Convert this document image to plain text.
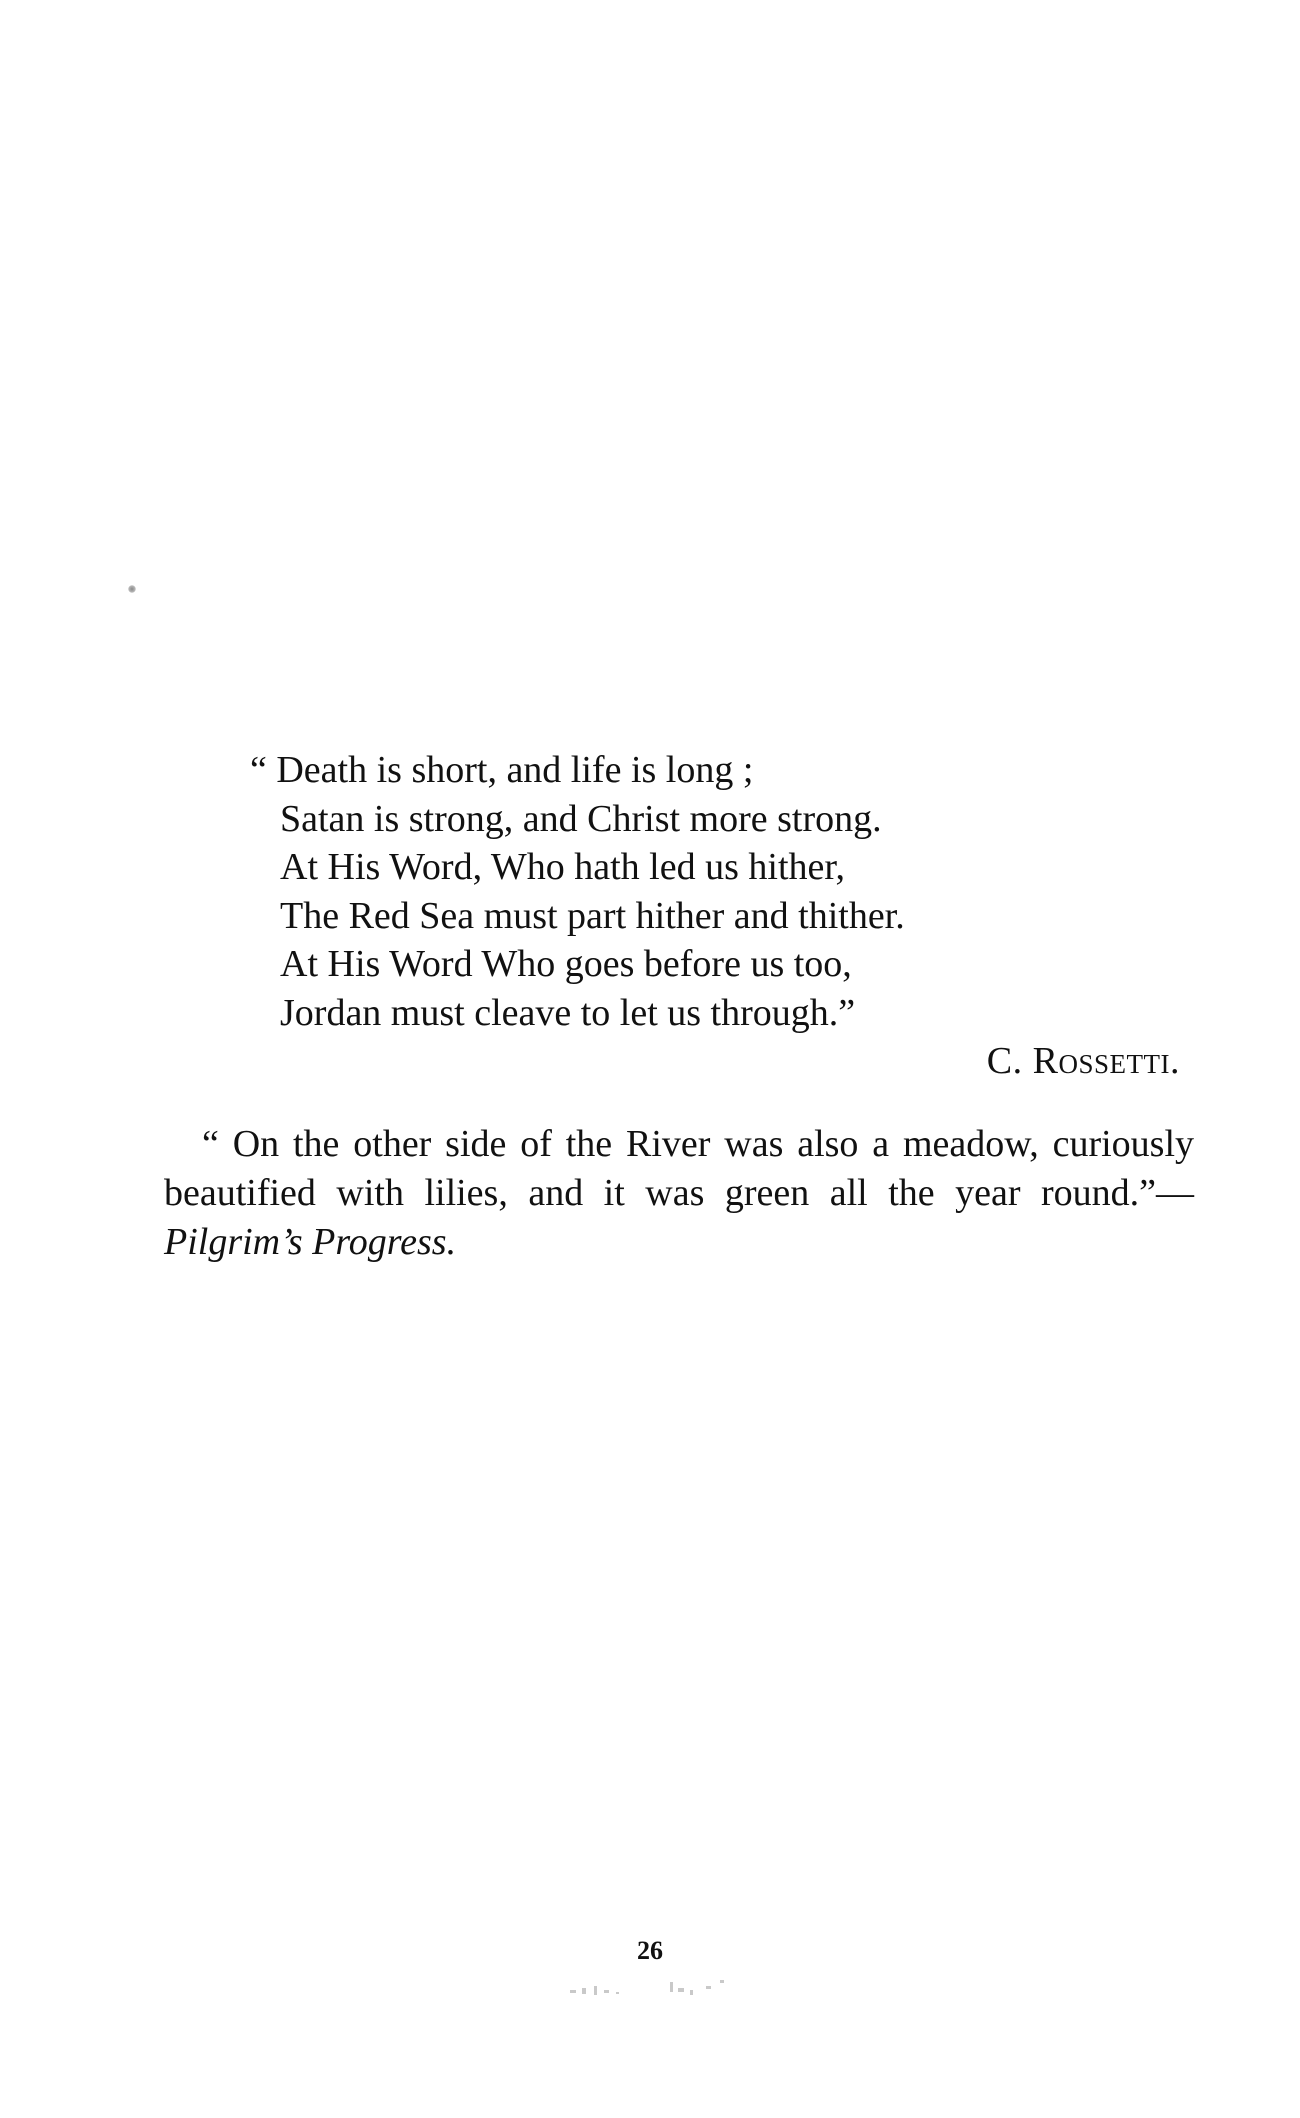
“ Death is short, and life is long ;
Satan is strong, and Christ more strong.
At His Word, Who hath led us hither,
The Red Sea must part hither and thither.
At His Word Who goes before us too,
Jordan must cleave to let us through.”
C. Rossetti.
“ On the other side of the River was also a meadow, curiously beautified with lilies, and it was green all the year round.”—Pilgrim’s Progress.
26
